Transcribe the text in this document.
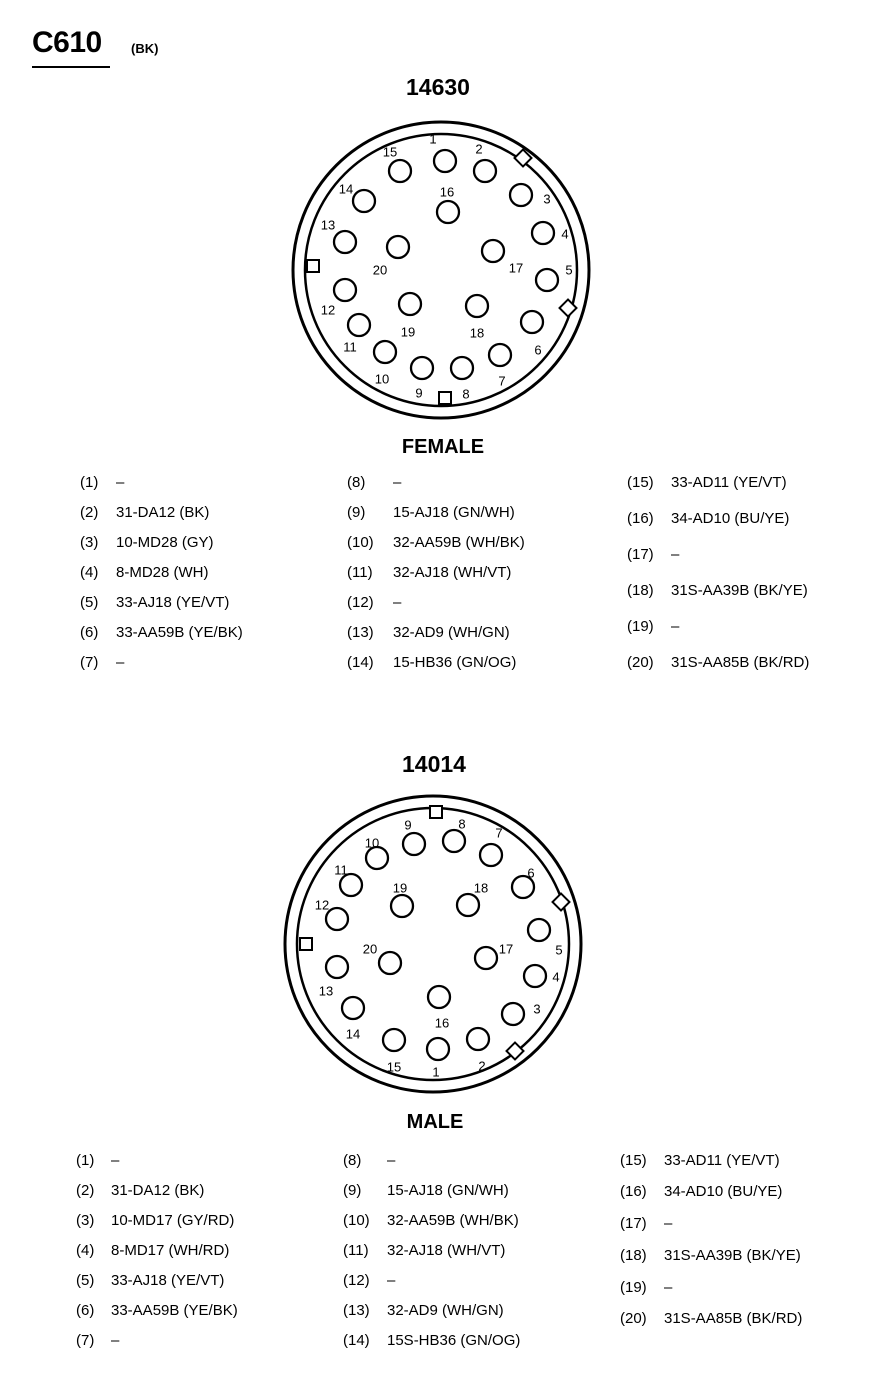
C610 (BK)
14630
1
2
3
4
5
6
7
8
9
10
11
12
13
14
15
16
17
18
19
20
FEMALE
(1) –
(2) 31-DA12 (BK)
(3) 10-MD28 (GY)
(4) 8-MD28 (WH)
(5) 33-AJ18 (YE/VT)
(6) 33-AA59B (YE/BK)
(7) –
(8) –
(9) 15-AJ18 (GN/WH)
(10) 32-AA59B (WH/BK)
(11) 32-AJ18 (WH/VT)
(12) –
(13) 32-AD9 (WH/GN)
(14) 15-HB36 (GN/OG)
(15) 33-AD11 (YE/VT)
(16) 34-AD10 (BU/YE)
(17) –
(18) 31S-AA39B (BK/YE)
(19) –
(20) 31S-AA85B (BK/RD)
14014
1	2
3
4
5
6
7
8
9
10
11
12
13
14
15
16
17
18
19
20
MALE
(1) –
(2) 31-DA12 (BK)
(3) 10-MD17 (GY/RD)
(4) 8-MD17 (WH/RD)
(5) 33-AJ18 (YE/VT)
(6) 33-AA59B (YE/BK)
(7) –
(8) –
(9) 15-AJ18 (GN/WH)
(10) 32-AA59B (WH/BK)
(11) 32-AJ18 (WH/VT)
(12) –
(13) 32-AD9 (WH/GN)
(14) 15S-HB36 (GN/OG)
(15) 33-AD11 (YE/VT)
(16) 34-AD10 (BU/YE)
(17) –
(18) 31S-AA39B (BK/YE)
(19) –
(20) 31S-AA85B (BK/RD)
